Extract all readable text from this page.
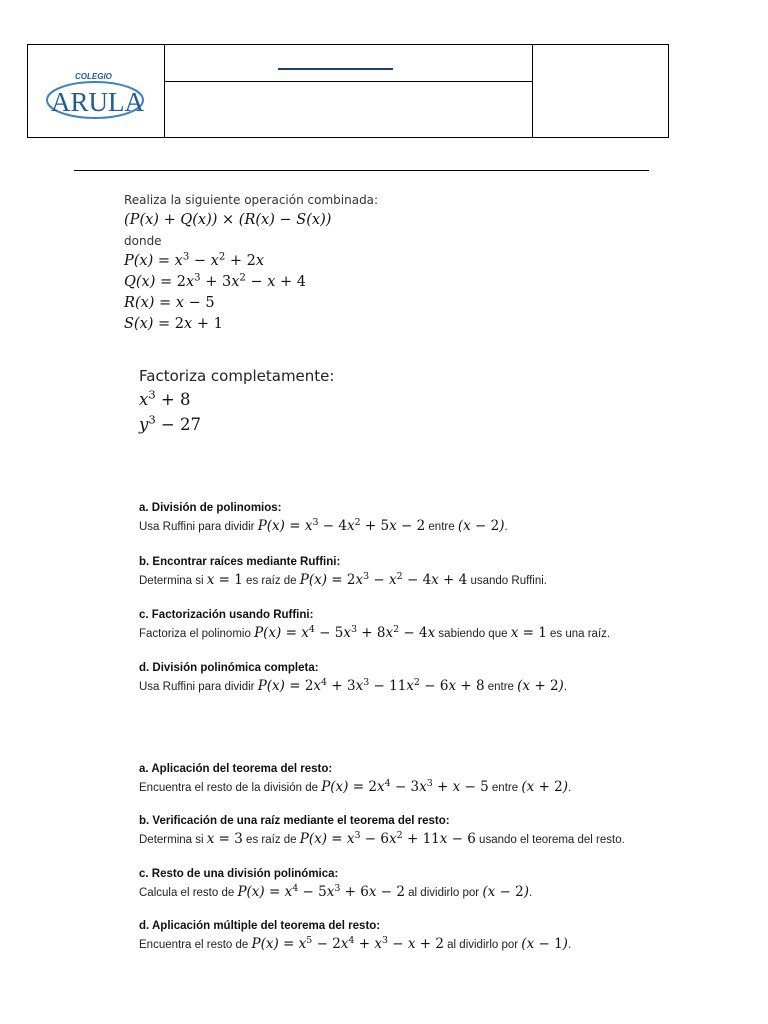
COLEGIO
ARULA
Realiza la siguiente operación combinada:
(P(x) + Q(x)) × (R(x) − S(x))
donde
$P(x) = x^3 - x^2 + 2x$
$Q(x) = 2x^3 + 3x^2 - x + 4$
R(x) = x − 5
S(x) = 2x + 1
Factoriza completamente:
$x^3 + 8$
$y^3 - 27$
a. División de polinomios:
Usa Ruffini para dividir $P(x) = x^3 - 4x^2 + 5x - 2$ entre (x − 2).
b. Encontrar raíces mediante Ruffini:
Determina si x = 1 es raíz de $P(x) = 2x^3 - x^2 - 4x + 4$ usando Ruffini.
c. Factorización usando Ruffini:
Factoriza el polinomio $P(x) = x^4 - 5x^3 + 8x^2 - 4x$ sabiendo que x = 1 es una raíz.
d. División polinómica completa:
Usa Ruffini para dividir $P(x) = 2x^4 + 3x^3 - 11x^2 - 6x + 8$ entre (x + 2).
a. Aplicación del teorema del resto:
Encuentra el resto de la división de $P(x) = 2x^4 - 3x^3 + x - 5$ entre (x + 2).
b. Verificación de una raíz mediante el teorema del resto:
Determina si x = 3 es raíz de $P(x) = x^3 - 6x^2 + 11x - 6$ usando el teorema del resto.
c. Resto de una división polinómica:
Calcula el resto de $P(x) = x^4 - 5x^3 + 6x - 2$ al dividirlo por (x − 2).
d. Aplicación múltiple del teorema del resto:
Encuentra el resto de $P(x) = x^5 - 2x^4 + x^3 - x + 2$ al dividirlo por (x − 1).
